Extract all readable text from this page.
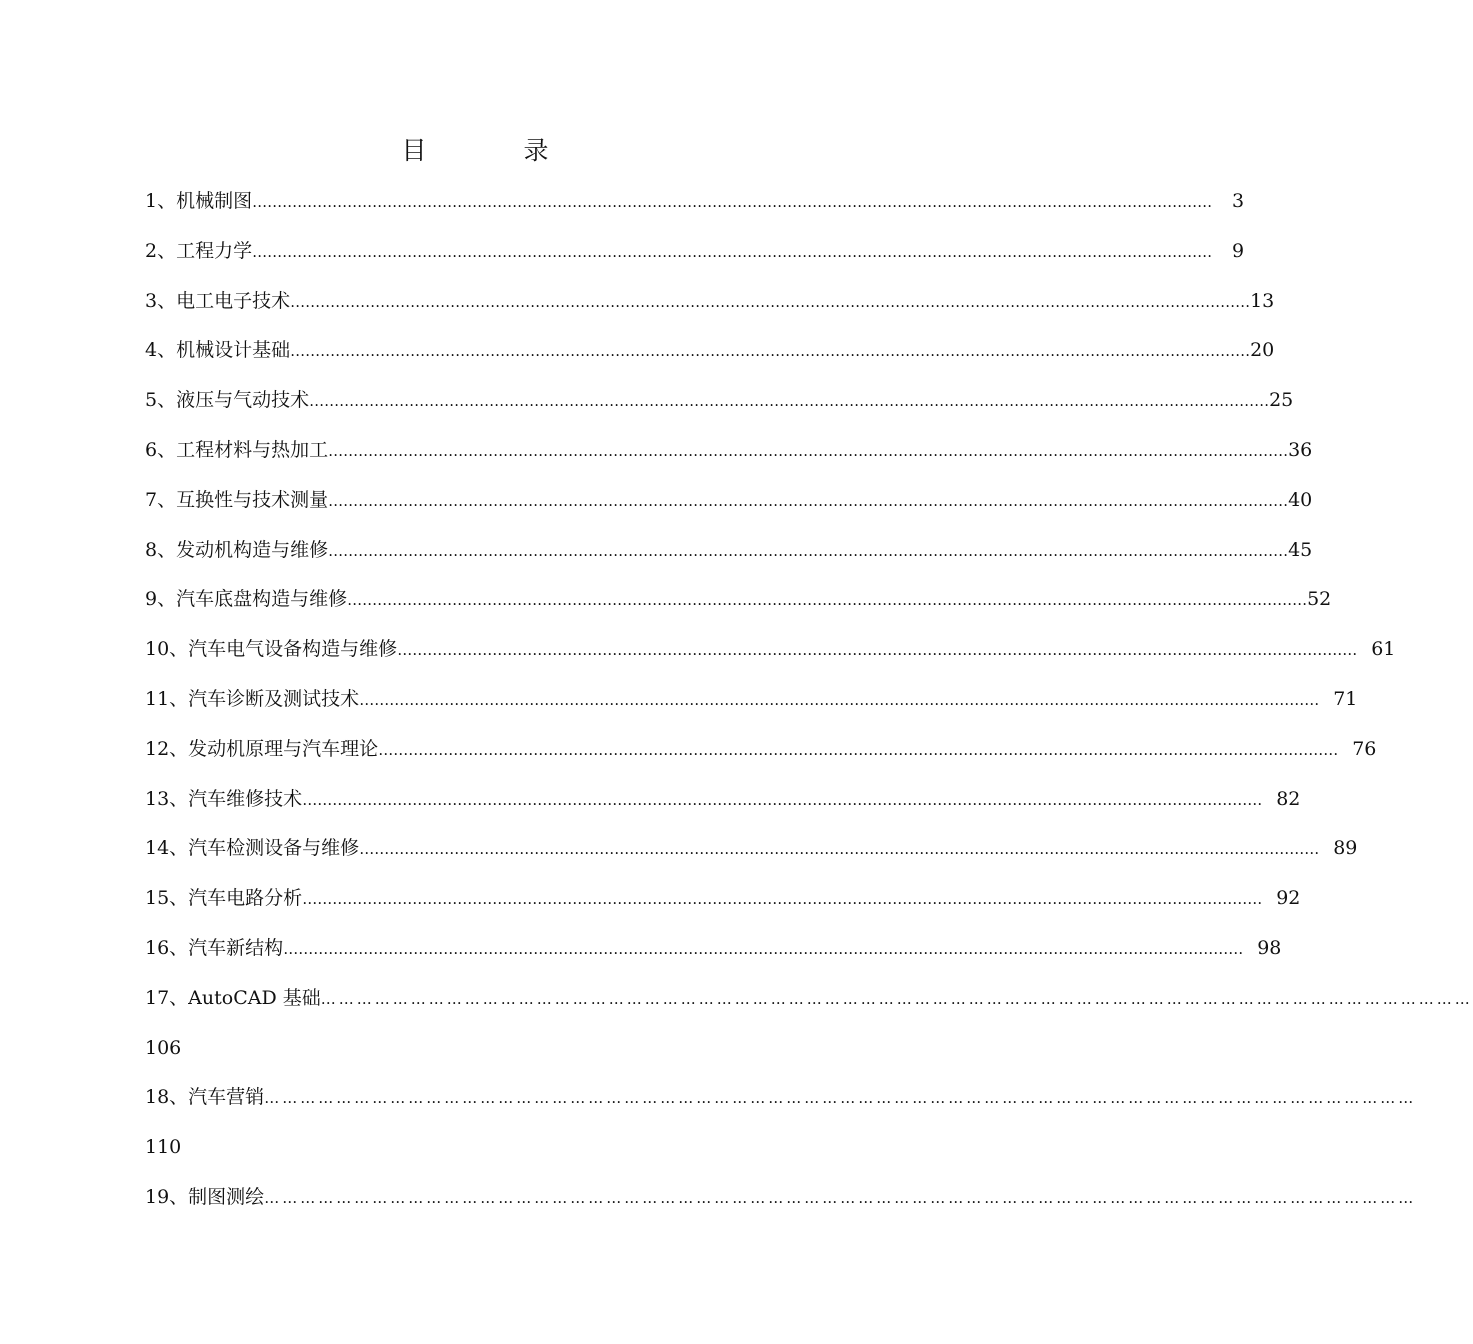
目　录
1、机械制图 …………………………………………………………………………………………………………………………………………………………………………	3
2、工程力学 …………………………………………………………………………………………………………………………………………………………………………	9
3、电工电子技术 ………………………………………………………………………………………………………………………………………………………………………… 13
4、机械设计基础 ………………………………………………………………………………………………………………………………………………………………………… 20
5、液压与气动技术 ………………………………………………………………………………………………………………………………………………………………………… 25
6、工程材料与热加工 ………………………………………………………………………………………………………………………………………………………………………… 36
7、互换性与技术测量 ………………………………………………………………………………………………………………………………………………………………………… 40
8、发动机构造与维修 ………………………………………………………………………………………………………………………………………………………………………… 45
9、汽车底盘构造与维修 ………………………………………………………………………………………………………………………………………………………………………… 52
10、汽车电气设备构造与维修 ………………………………………………………………………………………………………………………………………………………………………… 61
11、汽车诊断及测试技术 ………………………………………………………………………………………………………………………………………………………………………… 71
12、发动机原理与汽车理论 ………………………………………………………………………………………………………………………………………………………………………… 76
13、汽车维修技术 ………………………………………………………………………………………………………………………………………………………………………… 82
14、汽车检测设备与维修 ………………………………………………………………………………………………………………………………………………………………………… 89
15、汽车电路分析 ………………………………………………………………………………………………………………………………………………………………………… 92
16、汽车新结构 ………………………………………………………………………………………………………………………………………………………………………… 98
17、AutoCAD 基础 …………………………………………………………………………………………………………………………………………………………………………
106
18、汽车营销 …………………………………………………………………………………………………………………………………………………………………………
110
19、制图测绘 …………………………………………………………………………………………………………………………………………………………………………
